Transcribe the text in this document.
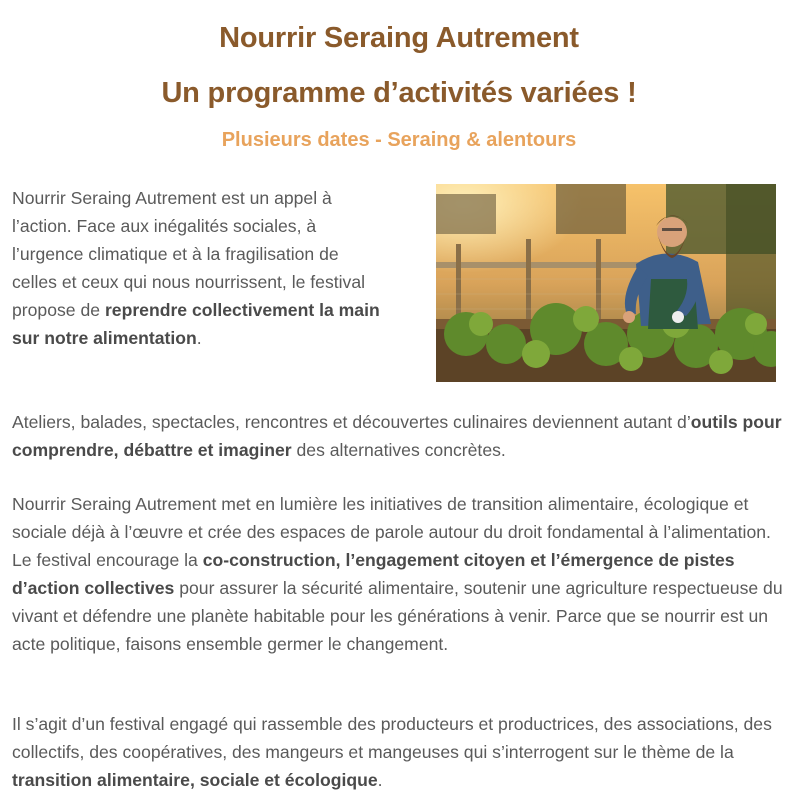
Nourrir Seraing Autrement
Un programme d’activités variées !
Plusieurs dates - Seraing & alentours

Nourrir Seraing Autrement est un appel à l’action. Face aux inégalités sociales, à l’urgence climatique et à la fragilisation de celles et ceux qui nous nourrissent, le festival propose de reprendre collectivement la main sur notre alimentation.

Ateliers, balades, spectacles, rencontres et découvertes culinaires deviennent autant d’outils pour comprendre, débattre et imaginer des alternatives concrètes.

Nourrir Seraing Autrement met en lumière les initiatives de transition alimentaire, écologique et sociale déjà à l’œuvre et crée des espaces de parole autour du droit fondamental à l’alimentation. Le festival encourage la co-construction, l’engagement citoyen et l’émergence de pistes d’action collectives pour assurer la sécurité alimentaire, soutenir une agriculture respectueuse du vivant et défendre une planète habitable pour les générations à venir. Parce que se nourrir est un acte politique, faisons ensemble germer le changement.

Il s’agit d’un festival engagé qui rassemble des producteurs et productrices, des associations, des collectifs, des coopératives, des mangeurs et mangeuses qui s’interrogent sur le thème de la transition alimentaire, sociale et écologique.
